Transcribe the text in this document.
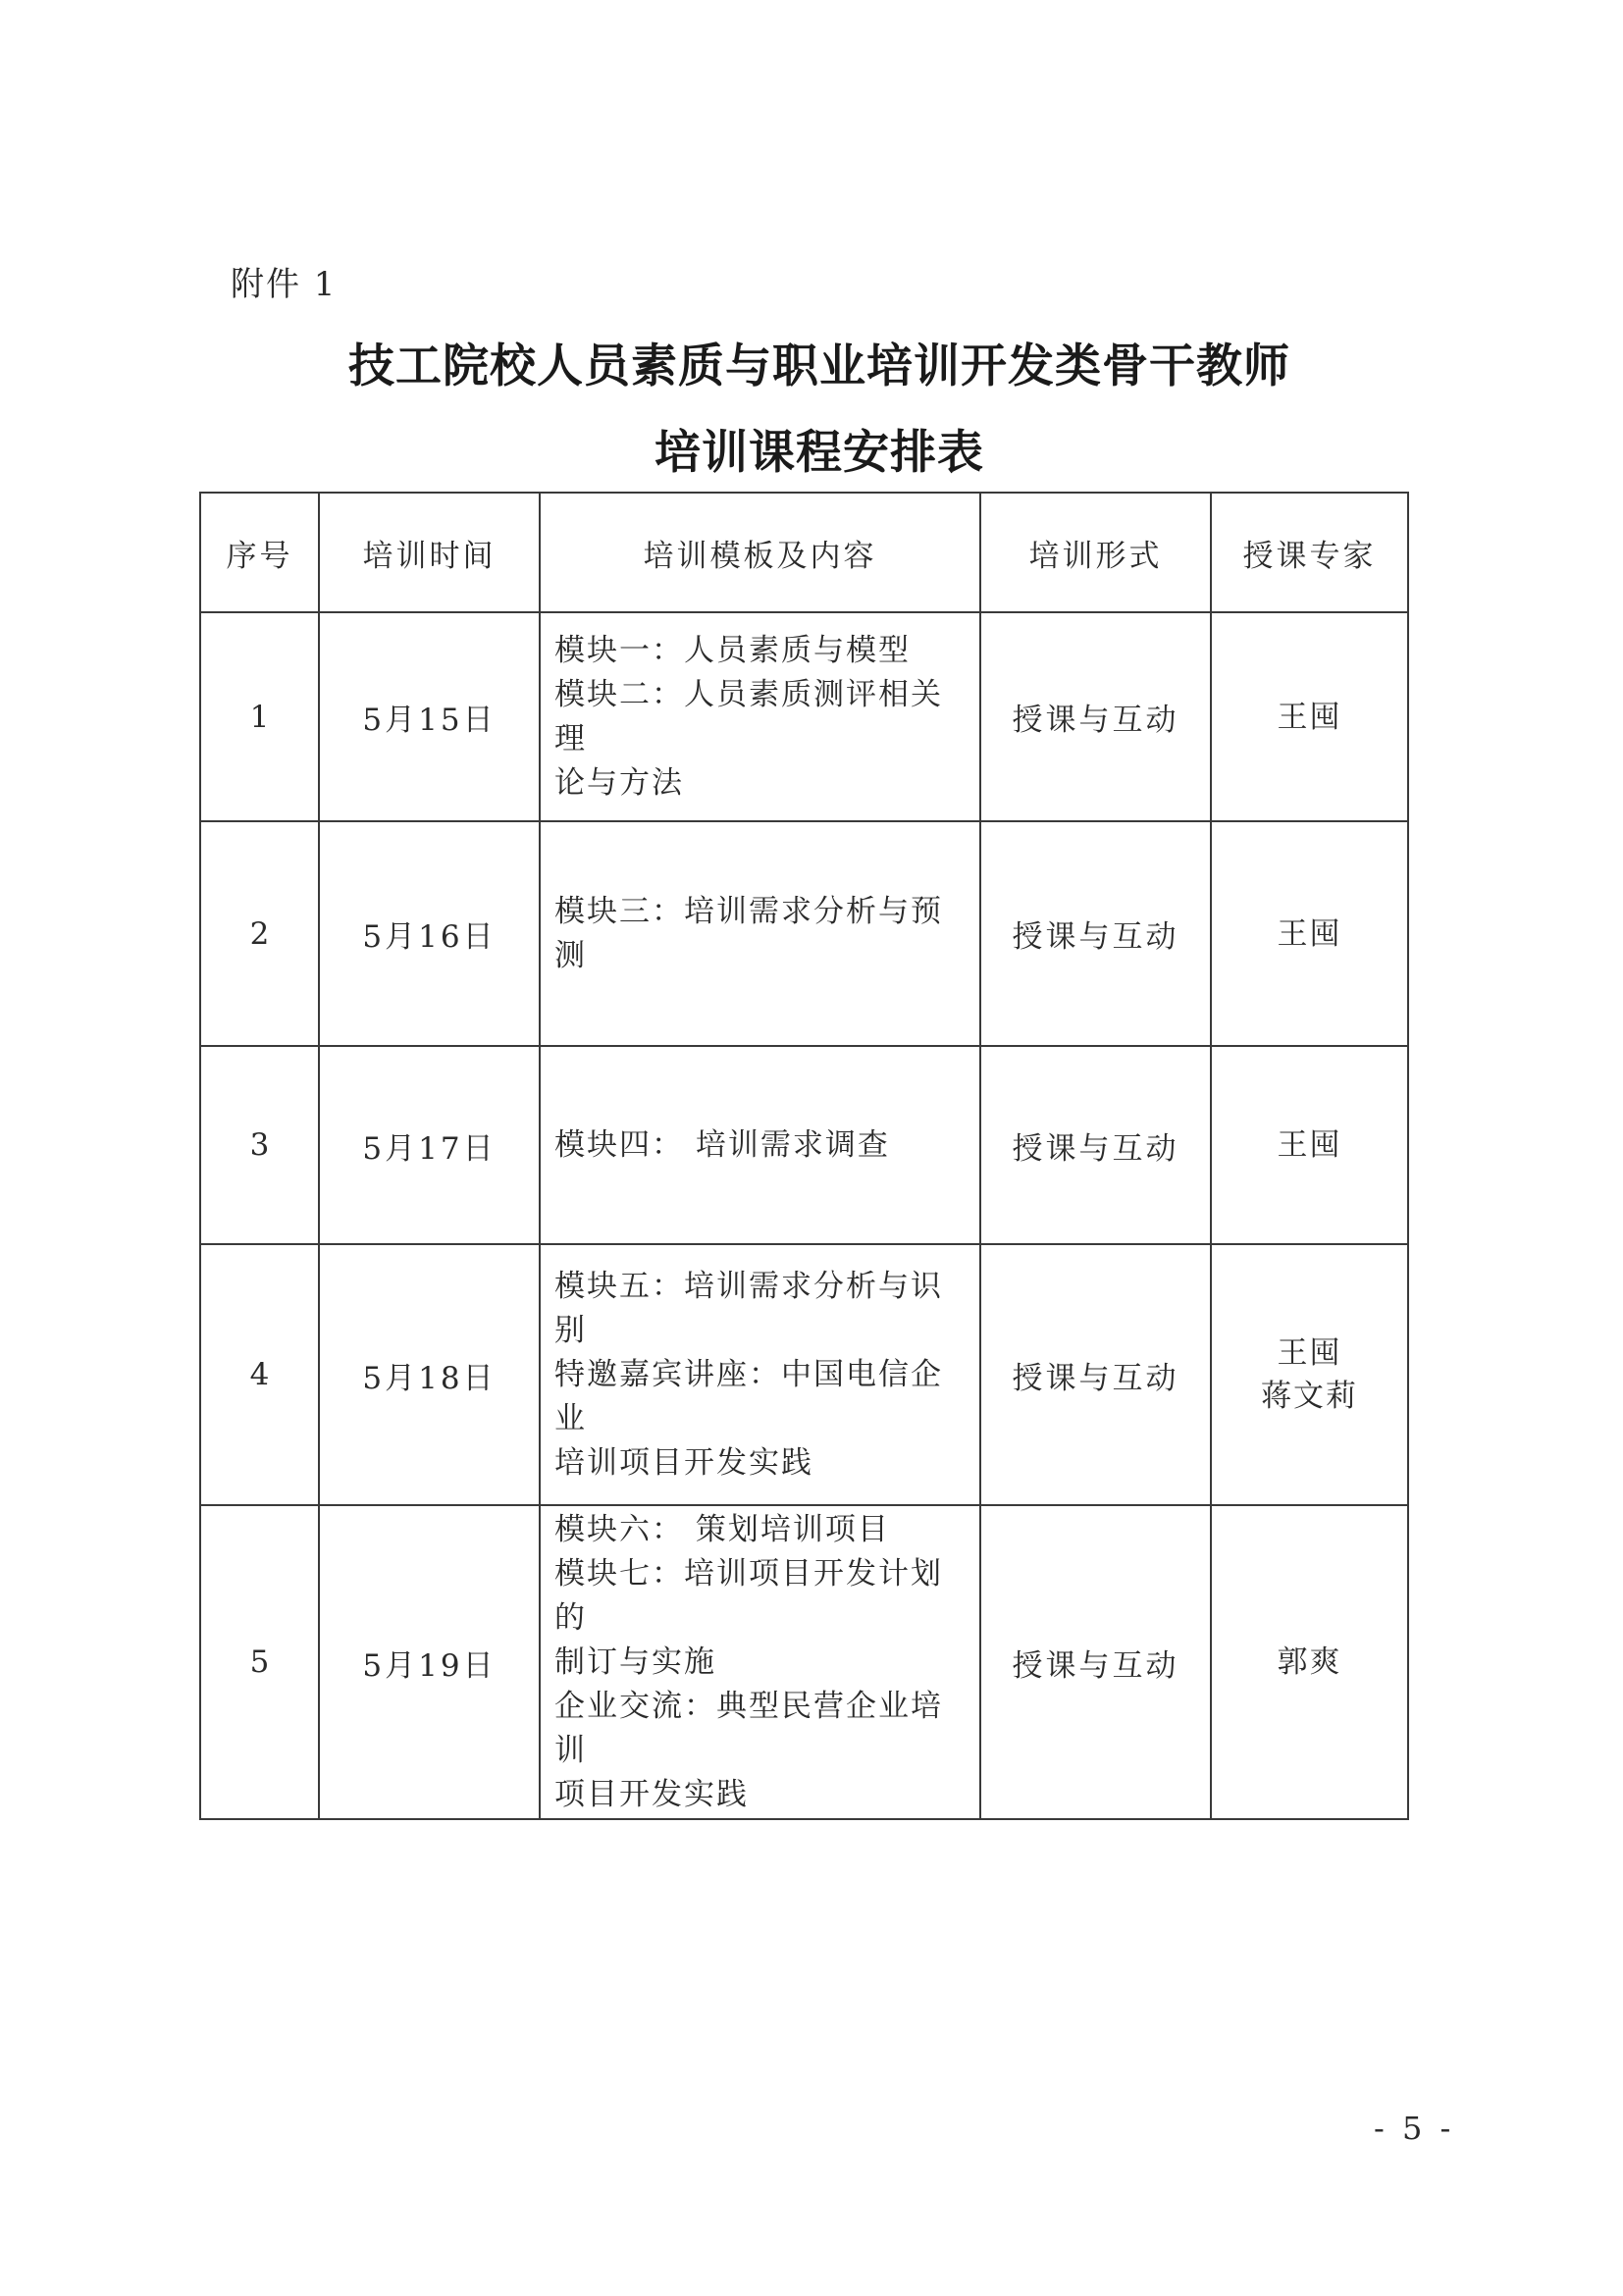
附件 1
技工院校人员素质与职业培训开发类骨干教师
培训课程安排表
序号	培训时间	培训模板及内容	培训形式	授课专家
1	5月15日	模块一：人员素质与模型
模块二：人员素质测评相关理
论与方法	授课与互动	王囤

2	5月16日	模块三：培训需求分析与预测	授课与互动	王囤

3	5月17日	模块四： 培训需求调查	授课与互动	王囤

4	5月18日	模块五：培训需求分析与识别
特邀嘉宾讲座：中国电信企业
培训项目开发实践	授课与互动	王囤
蒋文莉

5	5月19日	模块六： 策划培训项目
模块七：培训项目开发计划的
制订与实施
企业交流：典型民营企业培训
项目开发实践	授课与互动	郭爽
- 5 -
